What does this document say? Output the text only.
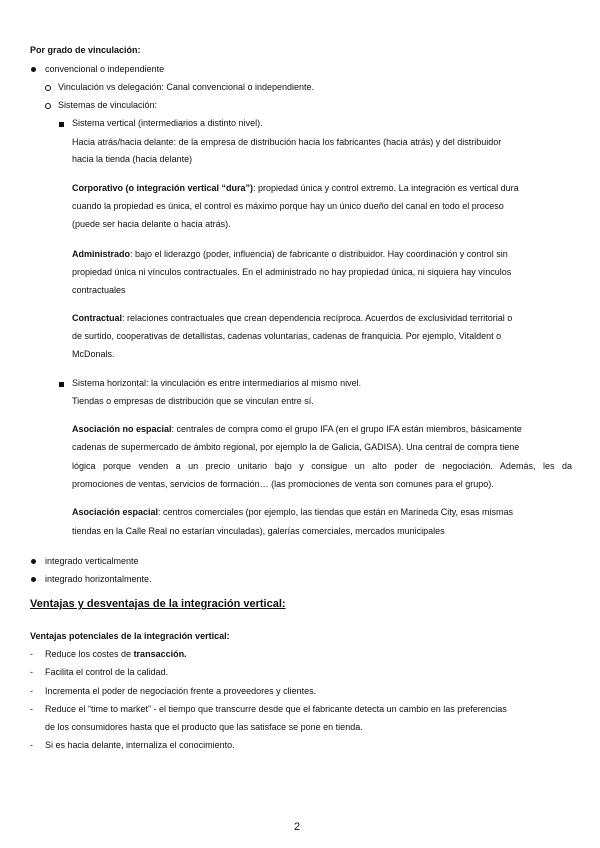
Por grado de vinculación:
convencional o independiente
Vinculación vs delegación: Canal convencional o independiente.
Sistemas de vinculación:
Sistema vertical (intermediarios a distinto nivel).
Hacia atrás/hacia delante: de la empresa de distribución hacia los fabricantes (hacia atrás) y del distribuidor
hacia la tienda (hacia delante)
Corporativo (o integración vertical “dura”): propiedad única y control extremo. La integración es vertical dura
cuando la propiedad es única, el control es máximo porque hay un único dueño del canal en todo el proceso
(puede ser hacia delante o hacia atrás).
Administrado: bajo el liderazgo (poder, influencia) de fabricante o distribuidor. Hay coordinación y control sin
propiedad única ni vínculos contractuales. En el administrado no hay propiedad única, ni siquiera hay vínculos
contractuales
Contractual: relaciones contractuales que crean dependencia recíproca. Acuerdos de exclusividad territorial o
de surtido, cooperativas de detallistas, cadenas voluntarias, cadenas de franquicia. Por ejemplo, Vitaldent o
McDonals.
Sistema horizontal: la vinculación es entre intermediarios al mismo nivel.
Tiendas o empresas de distribución que se vinculan entre sí.
Asociación no espacial: centrales de compra como el grupo IFA (en el grupo IFA están miembros, básicamente
cadenas de supermercado de ámbito regional, por ejemplo la de Galicia, GADISA). Una central de compra tiene
lógica porque venden a un precio unitario bajo y consigue un alto poder de negociación. Además, les da
promociones de ventas, servicios de formación… (las promociones de venta son comunes para el grupo).
Asociación espacial: centros comerciales (por ejemplo, las tiendas que están en Marineda City, esas mismas
tiendas en la Calle Real no estarían vinculadas), galerías comerciales, mercados municipales
integrado verticalmente
integrado horizontalmente.
Ventajas y desventajas de la integración vertical:
Ventajas potenciales de la integración vertical:
- Reduce los costes de transacción.
- Facilita el control de la calidad.
- Incrementa el poder de negociación frente a proveedores y clientes.
- Reduce el “time to market” - el tiempo que transcurre desde que el fabricante detecta un cambio en las preferencias
de los consumidores hasta que el producto que las satisface se pone en tienda.
- Si es hacia delante, internaliza el conocimiento.
2
